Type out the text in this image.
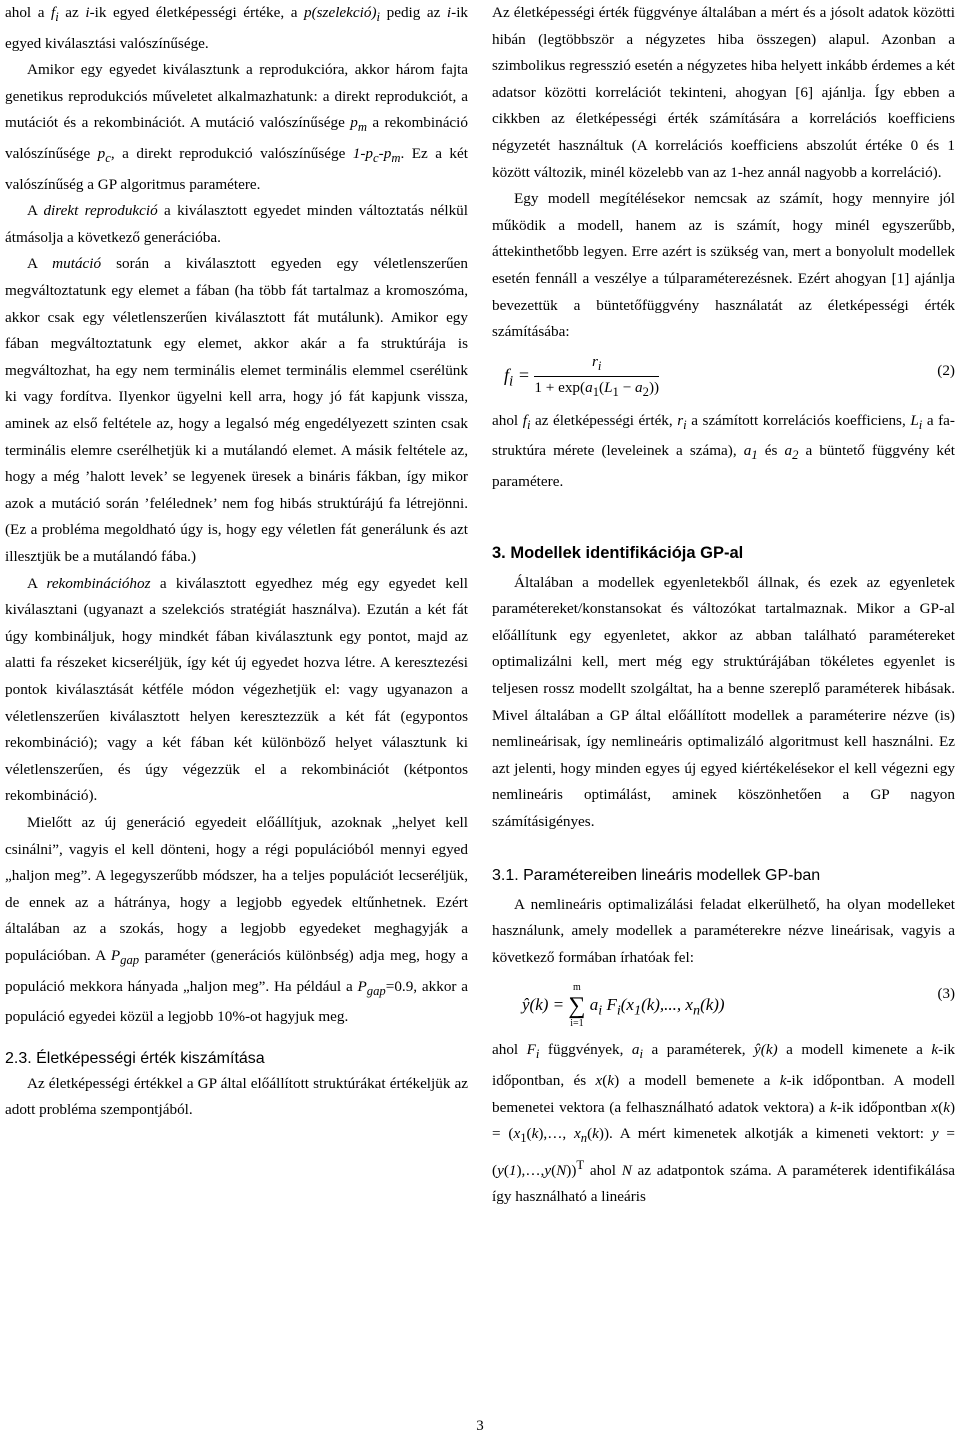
ahol a $f_i$ az i-ik egyed életképességi értéke, a $p(szelekció)_i$ pedig az i-ik egyed kiválasztási valószínűsége.

Amikor egy egyedet kiválasztunk a reprodukcióra, akkor három fajta genetikus reprodukciós műveletet alkalmazhatunk: a direkt reprodukciót, a mutációt és a rekombinációt. A mutáció valószínűsége $p_m$ a rekombináció valószínűsége $p_c$, a direkt reprodukció valószínűsége $1-p_c-p_m$. Ez a két valószínűség a GP algoritmus paramétere.

A direkt reprodukció a kiválasztott egyedet minden változtatás nélkül átmásolja a következő generációba.

A mutáció során a kiválasztott egyeden egy véletlenszerűen megváltoztatunk egy elemet a fában (ha több fát tartalmaz a kromoszóma, akkor csak egy véletlenszerűen kiválasztott fát mutálunk). Amikor egy fában megváltoztatunk egy elemet, akkor akár a fa struktúrája is megváltozhat, ha egy nem terminális elemet terminális elemmel cserélünk ki vagy fordítva. Ilyenkor ügyelni kell arra, hogy jó fát kapjunk vissza, aminek az első feltétele az, hogy a legalsó még engedélyezett szinten csak terminális elemre cserélhetjük ki a mutálandó elemet. A másik feltétele az, hogy a még ’halott levek’ se legyenek üresek a bináris fákban, így mikor azok a mutáció során ’felélednek’ nem fog hibás struktúrájú fa létrejönni. (Ez a probléma megoldható úgy is, hogy egy véletlen fát generálunk és azt illesztjük be a mutálandó fába.)

A rekombinációhoz a kiválasztott egyedhez még egy egyedet kell kiválasztani (ugyanazt a szelekciós stratégiát használva). Ezután a két fát úgy kombináljuk, hogy mindkét fában kiválasztunk egy pontot, majd az alatti fa részeket kicseréljük, így két új egyedet hozva létre. A keresztezési pontok kiválasztását kétféle módon végezhetjük el: vagy ugyanazon a véletlenszerűen kiválasztott helyen keresztezzük a két fát (egypontos rekombináció); vagy a két fában két különböző helyet választunk ki véletlenszerűen, és úgy végezzük el a rekombinációt (kétpontos rekombináció).

Mielőtt az új generáció egyedeit előállítjuk, azoknak „helyet kell csinálni”, vagyis el kell dönteni, hogy a régi populációból mennyi egyed „haljon meg”. A legegyszerűbb módszer, ha a teljes populációt lecseréljük, de ennek az a hátránya, hogy a legjobb egyedek eltűnhetnek. Ezért általában az a szokás, hogy a legjobb egyedeket meghagyják a populációban. A $P_{gap}$ paraméter (generációs különbség) adja meg, hogy a populáció mekkora hányada „haljon meg”. Ha például a $P_{gap}=0.9$, akkor a populáció egyedei közül a legjobb 10%-ot hagyjuk meg.

2.3. Életképességi érték kiszámítása

Az életképességi értékkel a GP által előállított struktúrákat értékeljük az adott probléma szempontjából.

Az életképességi érték függvénye általában a mért és a jósolt adatok közötti hibán (legtöbbször a négyzetes hiba összegen) alapul. Azonban a szimbolikus regresszió esetén a négyzetes hiba helyett inkább érdemes a két adatsor közötti korrelációt tekinteni, ahogyan [6] ajánlja. Így ebben a cikkben az életképességi érték számítására a korrelációs koefficiens négyzetét használtuk (A korrelációs koefficiens abszolút értéke 0 és 1 között változik, minél közelebb van az 1-hez annál nagyobb a korreláció).

Egy modell megítélésekor nemcsak az számít, hogy mennyire jól működik a modell, hanem az is számít, hogy minél egyszerűbb, áttekinthetőbb legyen. Erre azért is szükség van, mert a bonyolult modellek esetén fennáll a veszélye a túlparaméterezésnek. Ezért ahogyan [1] ajánlja bevezettük a büntetőfüggvény használatát az életképességi érték számításába:

$f_i = \frac{r_i}{1 + \exp(a_1(L_1 - a_2))}$	(2)

ahol $f_i$ az életképességi érték, $r_i$ a számított korrelációs koefficiens, $L_i$ a fa-struktúra mérete (leveleinek a száma), $a_1$ és $a_2$ a büntető függvény két paramétere.

3. Modellek identifikációja GP-al

Általában a modellek egyenletekből állnak, és ezek az egyenletek paramétereket/konstansokat és változókat tartalmaznak. Mikor a GP-al előállítunk egy egyenletet, akkor az abban található paramétereket optimalizálni kell, mert még egy struktúrájában tökéletes egyenlet is teljesen rossz modellt szolgáltat, ha a benne szereplő paraméterek hibásak. Mivel általában a GP által előállított modellek a paraméterire nézve (is) nemlineárisak, így nemlineáris optimalizáló algoritmust kell használni. Ez azt jelenti, hogy minden egyes új egyed kiértékelésekor el kell végezni egy nemlineáris optimálást, aminek köszönhetően a GP nagyon számításigényes.

3.1. Paramétereiben lineáris modellek GP-ban

A nemlineáris optimalizálási feladat elkerülhető, ha olyan modelleket használunk, amely modellek a paraméterekre nézve lineárisak, vagyis a következő formában írhatóak fel:

ŷ(k) =
m
∑
i=1
$a_i$ $F_i(x_1(k)$,..., $x_n(k)$)
(3)

ahol $F_i$ függvények, $a_i$ a paraméterek, ŷ(k) a modell kimenete a k-ik időpontban, és x(k) a modell bemenete a k-ik időpontban. A modell bemenetei vektora (a felhasználható adatok vektora) a k-ik időpontban $x(k) = (x_1(k),\dots$, $x_n(k)$). A mért kimenetek alkotják a kimeneti vektort: y = (y(1),…,y(N))$^T$ ahol N az adatpontok száma. A paraméterek identifikálása így használható a lineáris

3
